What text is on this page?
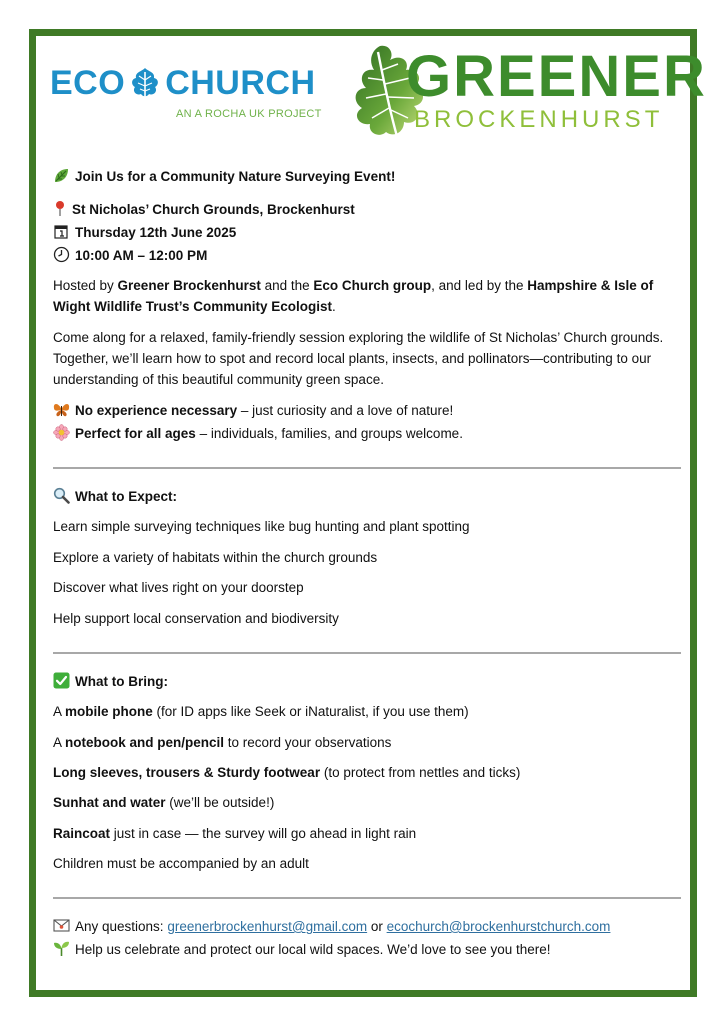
ECO CHURCH
AN A ROCHA UK PROJECT
GREENER
BROCKENHURST
Join Us for a Community Nature Surveying Event!
St Nicholas’ Church Grounds, Brockenhurst
Thursday 12th June 2025
10:00 AM – 12:00 PM
Hosted by Greener Brockenhurst and the Eco Church group, and led by the Hampshire & Isle of Wight Wildlife Trust’s Community Ecologist.
Come along for a relaxed, family-friendly session exploring the wildlife of St Nicholas’ Church grounds. Together, we’ll learn how to spot and record local plants, insects, and pollinators—contributing to our understanding of this beautiful community green space.
No experience necessary – just curiosity and a love of nature!
Perfect for all ages – individuals, families, and groups welcome.
What to Expect:
Learn simple surveying techniques like bug hunting and plant spotting
Explore a variety of habitats within the church grounds
Discover what lives right on your doorstep
Help support local conservation and biodiversity
What to Bring:
A mobile phone (for ID apps like Seek or iNaturalist, if you use them)
A notebook and pen/pencil to record your observations
Long sleeves, trousers & Sturdy footwear (to protect from nettles and ticks)
Sunhat and water (we’ll be outside!)
Raincoat just in case — the survey will go ahead in light rain
Children must be accompanied by an adult
Any questions: greenerbrockenhurst@gmail.com or ecochurch@brockenhurstchurch.com
Help us celebrate and protect our local wild spaces. We’d love to see you there!
